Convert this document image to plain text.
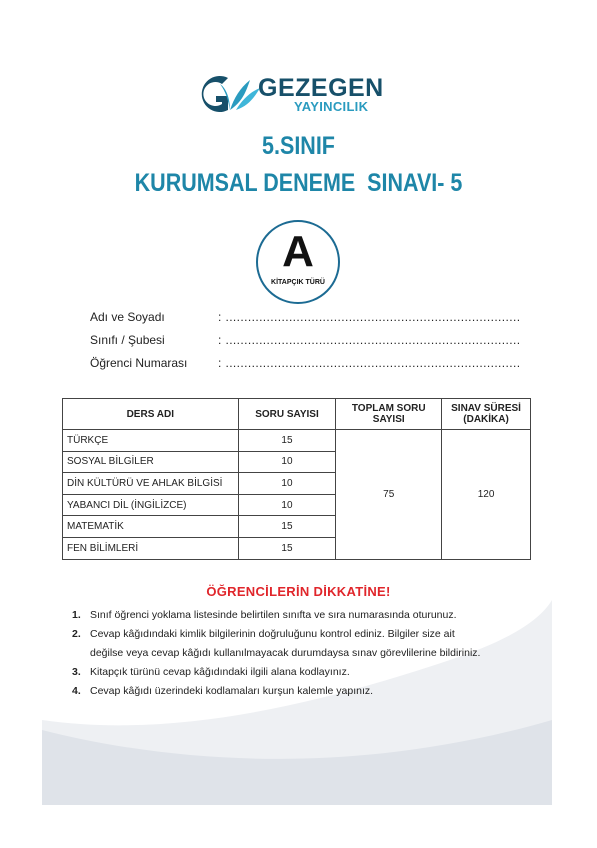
GEZEGEN
YAYINCILIK
5.SINIF
KURUMSAL DENEME  SINAVI- 5
A
KİTAPÇIK TÜRÜ
Adı ve Soyadı	: ...............................................................................
Sınıfı / Şubesi	: ...............................................................................
Öğrenci Numarası	: ...............................................................................
DERS ADI	SORU SAYISI	TOPLAM SORU SAYISI	SINAV SÜRESİ (DAKİKA)
TÜRKÇE	15	75	120
SOSYAL BİLGİLER	10		
DİN KÜLTÜRÜ VE AHLAK BİLGİSİ	10		
YABANCI DİL (İNGİLİZCE)	10		
MATEMATİK	15		
FEN BİLİMLERİ	15		
ÖĞRENCİLERİN DİKKATİNE!
1. Sınıf öğrenci yoklama listesinde belirtilen sınıfta ve sıra numarasında oturunuz.
2. Cevap kâğıdındaki kimlik bilgilerinin doğruluğunu kontrol ediniz. Bilgiler size ait
değilse veya cevap kâğıdı kullanılmayacak durumdaysa sınav görevlilerine bildiriniz.
3. Kitapçık türünü cevap kâğıdındaki ilgili alana kodlayınız.
4. Cevap kâğıdı üzerindeki kodlamaları kurşun kalemle yapınız.
